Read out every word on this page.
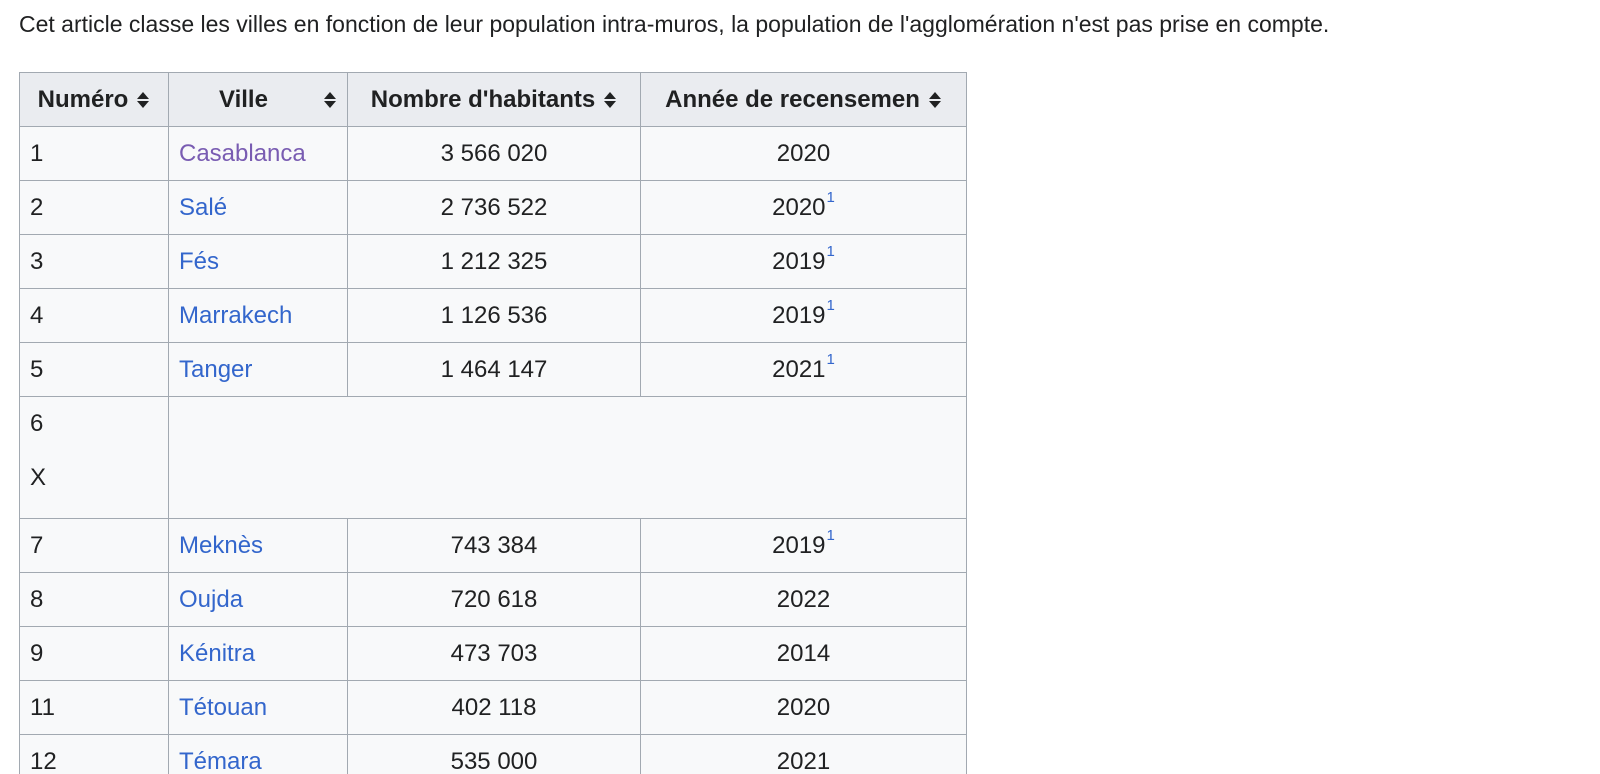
Cet article classe les villes en fonction de leur population intra-muros, la population de l'agglomération n'est pas prise en compte.
Numéro	Ville	Nombre d'habitants	Année de recensemen

1	Casablanca	3 566 020	2020
2	Salé	2 736 522	2020$^1$
3	Fés	1 212 325	2019$^1$
4	Marrakech	1 126 536	2019$^1$
5	Tanger	1 464 147	2021$^1$

6
X			

7	Meknès	743 384	2019$^1$
8	Oujda	720 618	2022
9	Kénitra	473 703	2014
11	Tétouan	402 118	2020
12	Témara	535 000	2021
